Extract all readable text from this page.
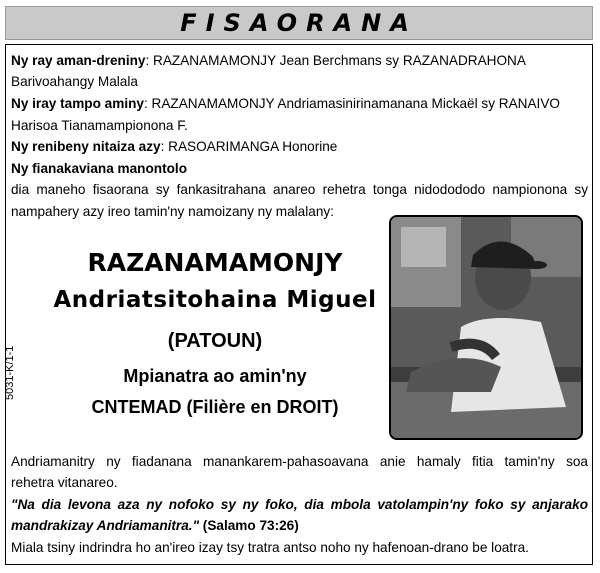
FISAORANA
Ny ray aman-dreniny: RAZANAMAMONJY Jean Berchmans sy RAZANADRAHONA
Barivoahangy Malala
Ny iray tampo aminy: RAZANAMAMONJY Andriamasinirinamanana Mickaël sy RANAIVO
Harisoa Tianamampionona F.
Ny renibeny nitaiza azy: RASOARIMANGA Honorine
Ny fianakaviana manontolo
dia maneho fisaorana sy fankasitrahana anareo rehetra tonga nidodododo nampionona sy
nampahery azy ireo tamin'ny namoizany ny malalany:
RAZANAMAMONJY
Andriatsitohaina Miguel
(PATOUN)
Mpianatra ao amin'ny
CNTEMAD (Filière en DROIT)
5031-K/1-1
Andriamanitry ny fiadanana manankarem-pahasoavana anie hamaly fitia tamin'ny soa
rehetra vitanareo.
"Na dia levona aza ny nofoko sy ny foko, dia mbola vatolampin'ny foko sy anjarako
mandrakizay Andriamanitra." (Salamo 73:26)
Miala tsiny indrindra ho an'ireo izay tsy tratra antso noho ny hafenoan-drano be loatra.
